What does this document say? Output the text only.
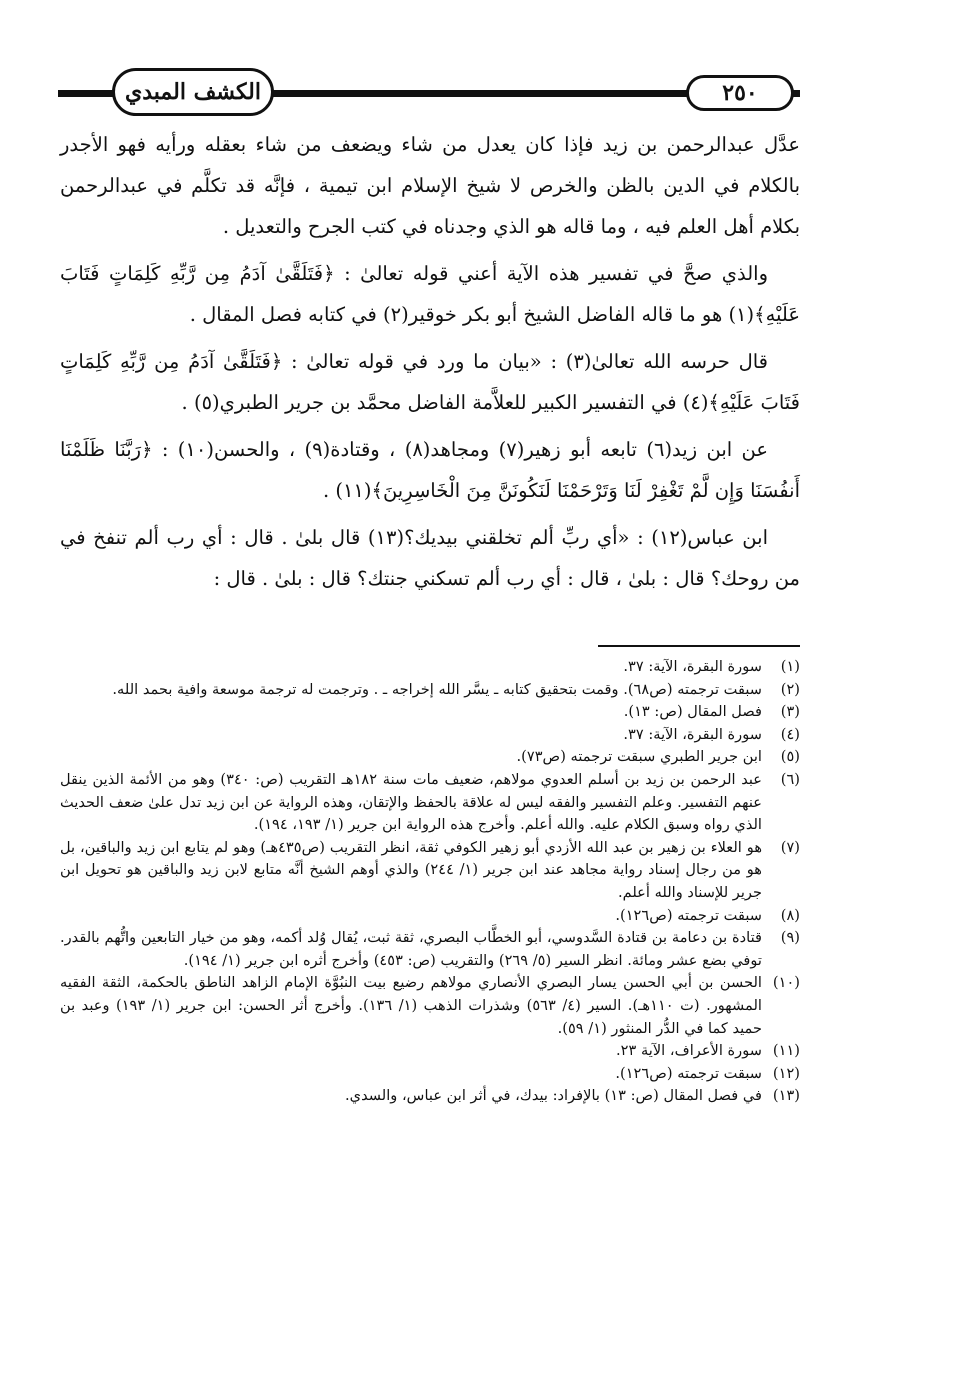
الكشف المبدي	٢٥٠

عدَّل عبدالرحمن بن زيد فإذا كان يعدل من شاء ويضعف من شاء بعقله ورأيه فهو الأجدر بالكلام في الدين بالظن والخرص لا شيخ الإسلام ابن تيمية ، فإنَّه قد تكلَّم في عبدالرحمن بكلام أهل العلم فيه ، وما قاله هو الذي وجدناه في كتب الجرح والتعديل .

والذي صحَّ في تفسير هذه الآية أعني قوله تعالىٰ : ﴿فَتَلَقَّىٰ آدَمُ مِن رَّبِّهِ كَلِمَاتٍ فَتَابَ عَلَيْهِ﴾(١) هو ما قاله الفاضل الشيخ أبو بكر خوقير(٢) في كتابه فصل المقال .

قال حرسه الله تعالىٰ(٣) : «بيان ما ورد في قوله تعالىٰ : ﴿فَتَلَقَّىٰ آدَمُ مِن رَّبِّهِ كَلِمَاتٍ فَتَابَ عَلَيْهِ﴾(٤) في التفسير الكبير للعلاَّمة الفاضل محمَّد بن جرير الطبري(٥) .

عن ابن زيد(٦) تابعه أبو زهير(٧) ومجاهد(٨) ، وقتادة(٩) ، والحسن(١٠) : ﴿رَبَّنَا ظَلَمْنَا أَنفُسَنَا وَإِن لَّمْ تَغْفِرْ لَنَا وَتَرْحَمْنَا لَنَكُونَنَّ مِنَ الْخَاسِرِينَ﴾(١١) .

ابن عباس(١٢) : «أي ربِّ ألم تخلقني بيديك؟(١٣) قال بلىٰ . قال : أي رب ألم تنفخ في من روحك؟ قال : بلىٰ ، قال : أي رب ألم تسكني جنتك؟ قال : بلىٰ . قال :

(١)
سورة البقرة، الآية: ٣٧.
(٢)
سبقت ترجمته (ص٦٨). وقمت بتحقيق كتابه ـ يسَّر الله إخراجه ـ . وترجمت له ترجمة موسعة وافية بحمد الله.
(٣)
فصل المقال (ص: ١٣).
(٤)
سورة البقرة، الآية: ٣٧.
(٥)
ابن جرير الطبري سبقت ترجمته (ص٧٣).
(٦)
عبد الرحمن بن زيد بن أسلم العدوي مولاهم، ضعيف مات سنة ١٨٢هـ التقريب (ص: ٣٤٠) وهو من الأئمة الذين ينقل عنهم التفسير. وعلم التفسير والفقه ليس له علاقة بالحفظ والإتقان، وهذه الرواية عن ابن زيد تدل علىٰ ضعف الحديث الذي رواه وسبق الكلام عليه. والله أعلم. وأخرج هذه الرواية ابن جرير (١/ ١٩٣، ١٩٤).
(٧)
هو العلاء بن زهير بن عبد الله الأزدي أبو زهير الكوفي ثقة، انظر التقريب (ص٤٣٥هـ) وهو لم يتابع ابن زيد والباقين، بل هو من رجال إسناد رواية مجاهد عند ابن جرير (١/ ٢٤٤) والذي أوهم الشيخ أنَّه متابع لابن زيد والباقين هو تحويل ابن جرير للإسناد والله أعلم.
(٨)
سبقت ترجمته (ص١٢٦).
(٩)
قتادة بن دعامة بن قتادة السَّدوسي، أبو الخطَّاب البصري، ثقة ثبت، يُقال وُلد أكمه، وهو من خيار التابعين واتُّهم بالقدر. توفي بضع عشر ومائة. انظر السير (٥/ ٢٦٩) والتقريب (ص: ٤٥٣) وأخرج أثره ابن جرير (١/ ١٩٤).
(١٠)
الحسن بن أبي الحسن يسار البصري الأنصاري مولاهم رضيع بيت النبُوَّة الإمام الزاهد الناطق بالحكمة، الثقة الفقيه المشهور. (ت ١١٠هـ). السير (٤/ ٥٦٣) وشذرات الذهب (١/ ١٣٦). وأخرج أثر الحسن: ابن جرير (١/ ١٩٣) وعبد بن حميد كما في الدُّر المنثور (١/ ٥٩).
(١١)
سورة الأعراف، الآية ٢٣.
(١٢)
سبقت ترجمته (ص١٢٦).
(١٣)
في فصل المقال (ص: ١٣) بالإفراد: بيدك، في أثر ابن عباس، والسدي.
